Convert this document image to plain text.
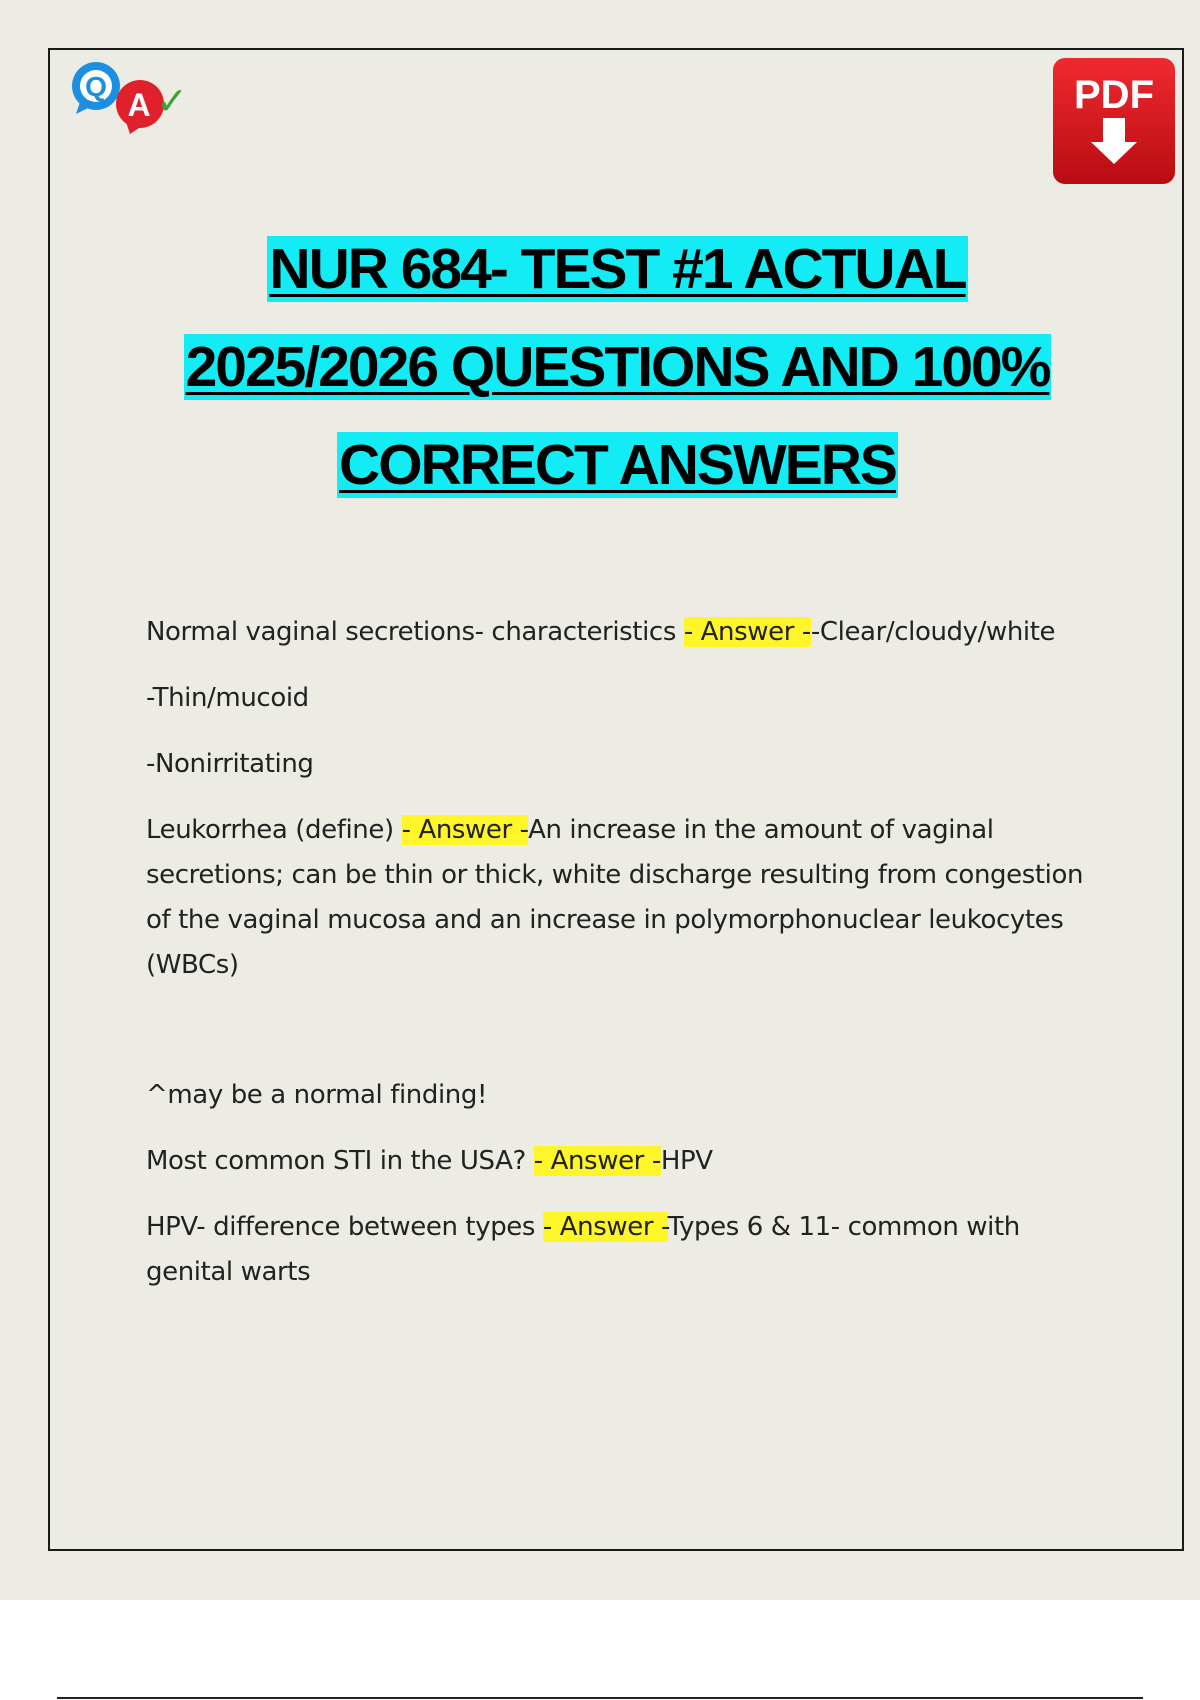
Q
A ✓	PDF
NUR 684- TEST #1 ACTUAL
2025/2026 QUESTIONS AND 100%
CORRECT ANSWERS

Normal vaginal secretions- characteristics - Answer --Clear/cloudy/white

-Thin/mucoid

-Nonirritating

Leukorrhea (define) - Answer -An increase in the amount of vaginal secretions; can be thin or thick, white discharge resulting from congestion of the vaginal mucosa and an increase in polymorphonuclear leukocytes (WBCs)

^may be a normal finding!

Most common STI in the USA? - Answer -HPV

HPV- difference between types - Answer -Types 6 & 11- common with genital warts
